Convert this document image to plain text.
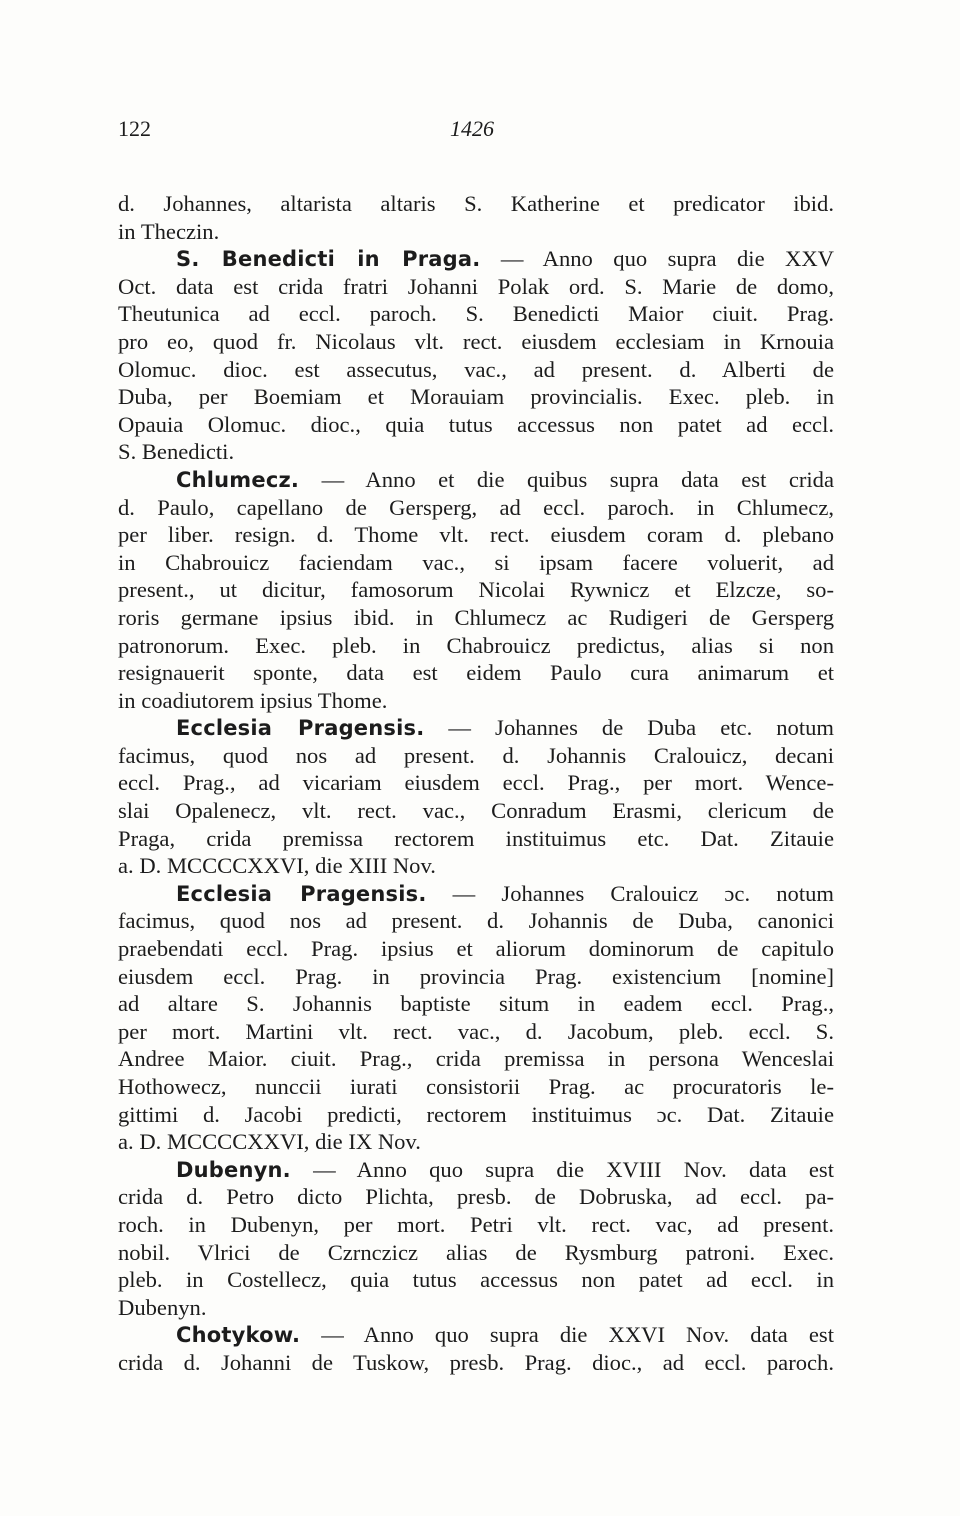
122	1426
d. Johannes, altarista altaris S. Katherine et predicator ibid.
in Theczin.
S. Benedicti in Praga. — Anno quo supra die XXV
Oct. data est crida fratri Johanni Polak ord. S. Marie de domo,
Theutunica ad eccl. paroch. S. Benedicti Maior ciuit. Prag.
pro eo, quod fr. Nicolaus vlt. rect. eiusdem ecclesiam in Krnouia
Olomuc. dioc. est assecutus, vac., ad present. d. Alberti de
Duba, per Boemiam et Morauiam provincialis. Exec. pleb. in
Opauia Olomuc. dioc., quia tutus accessus non patet ad eccl.
S. Benedicti.
Chlumecz. — Anno et die quibus supra data est crida
d. Paulo, capellano de Gersperg, ad eccl. paroch. in Chlumecz,
per liber. resign. d. Thome vlt. rect. eiusdem coram d. plebano
in Chabrouicz faciendam vac., si ipsam facere voluerit, ad
present., ut dicitur, famosorum Nicolai Rywnicz et Elzcze, so-
roris germane ipsius ibid. in Chlumecz ac Rudigeri de Gersperg
patronorum. Exec. pleb. in Chabrouicz predictus, alias si non
resignauerit sponte, data est eidem Paulo cura animarum et
in coadiutorem ipsius Thome.
Ecclesia Pragensis. — Johannes de Duba etc. notum
facimus, quod nos ad present. d. Johannis Cralouicz, decani
eccl. Prag., ad vicariam eiusdem eccl. Prag., per mort. Wence-
slai Opalenecz, vlt. rect. vac., Conradum Erasmi, clericum de
Praga, crida premissa rectorem instituimus etc. Dat. Zitauie
a. D. MCCCCXXVI, die XIII Nov.
Ecclesia Pragensis. — Johannes Cralouicz ɔc. notum
facimus, quod nos ad present. d. Johannis de Duba, canonici
praebendati eccl. Prag. ipsius et aliorum dominorum de capitulo
eiusdem eccl. Prag. in provincia Prag. existencium [nomine]
ad altare S. Johannis baptiste situm in eadem eccl. Prag.,
per mort. Martini vlt. rect. vac., d. Jacobum, pleb. eccl. S.
Andree Maior. ciuit. Prag., crida premissa in persona Wenceslai
Hothowecz, nunccii iurati consistorii Prag. ac procuratoris le-
gittimi d. Jacobi predicti, rectorem instituimus ɔc. Dat. Zitauie
a. D. MCCCCXXVI, die IX Nov.
Dubenyn. — Anno quo supra die XVIII Nov. data est
crida d. Petro dicto Plichta, presb. de Dobruska, ad eccl. pa-
roch. in Dubenyn, per mort. Petri vlt. rect. vac, ad present.
nobil. Vlrici de Czrnczicz alias de Rysmburg patroni. Exec.
pleb. in Costellecz, quia tutus accessus non patet ad eccl. in
Dubenyn.
Chotykow. — Anno quo supra die XXVI Nov. data est
crida d. Johanni de Tuskow, presb. Prag. dioc., ad eccl. paroch.
